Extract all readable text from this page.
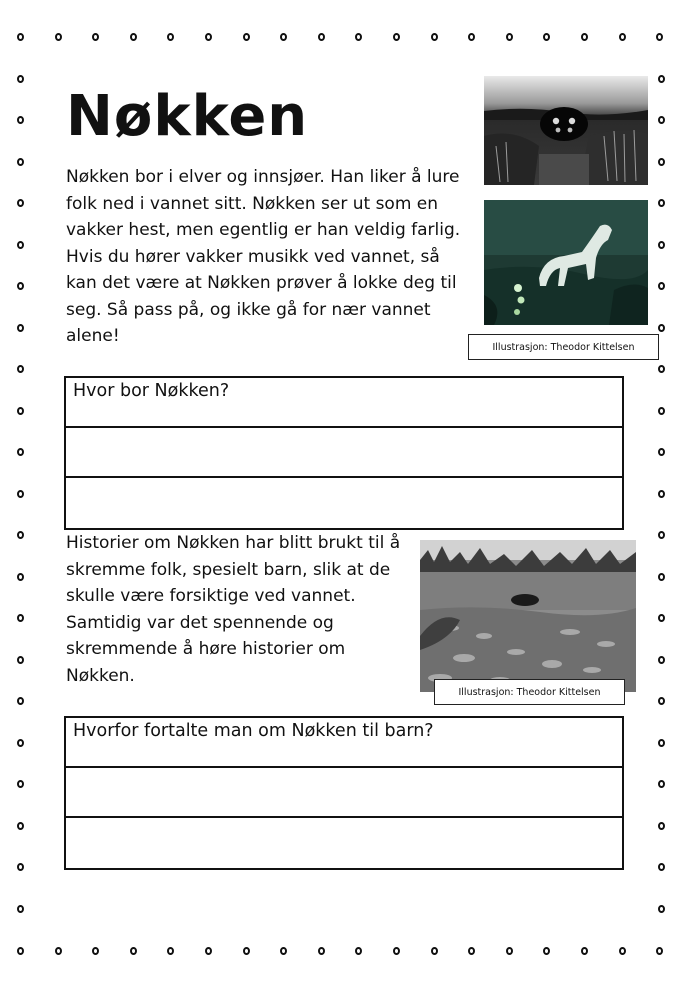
Nøkken

Nøkken bor i elver og innsjøer. Han liker å lure folk ned i vannet sitt. Nøkken ser ut som en vakker hest, men egentlig er han veldig farlig. Hvis du hører vakker musikk ved vannet, så kan det være at Nøkken prøver å lokke deg til seg. Så pass på, og ikke gå for nær vannet alene!

Illustrasjon: Theodor Kittelsen
Hvor bor Nøkken?

Historier om Nøkken har blitt brukt til å skremme folk, spesielt barn, slik at de skulle være forsiktige ved vannet. Samtidig var det spennende og skremmende å høre historier om Nøkken.

Illustrasjon: Theodor Kittelsen
Hvorfor fortalte man om Nøkken til barn?
